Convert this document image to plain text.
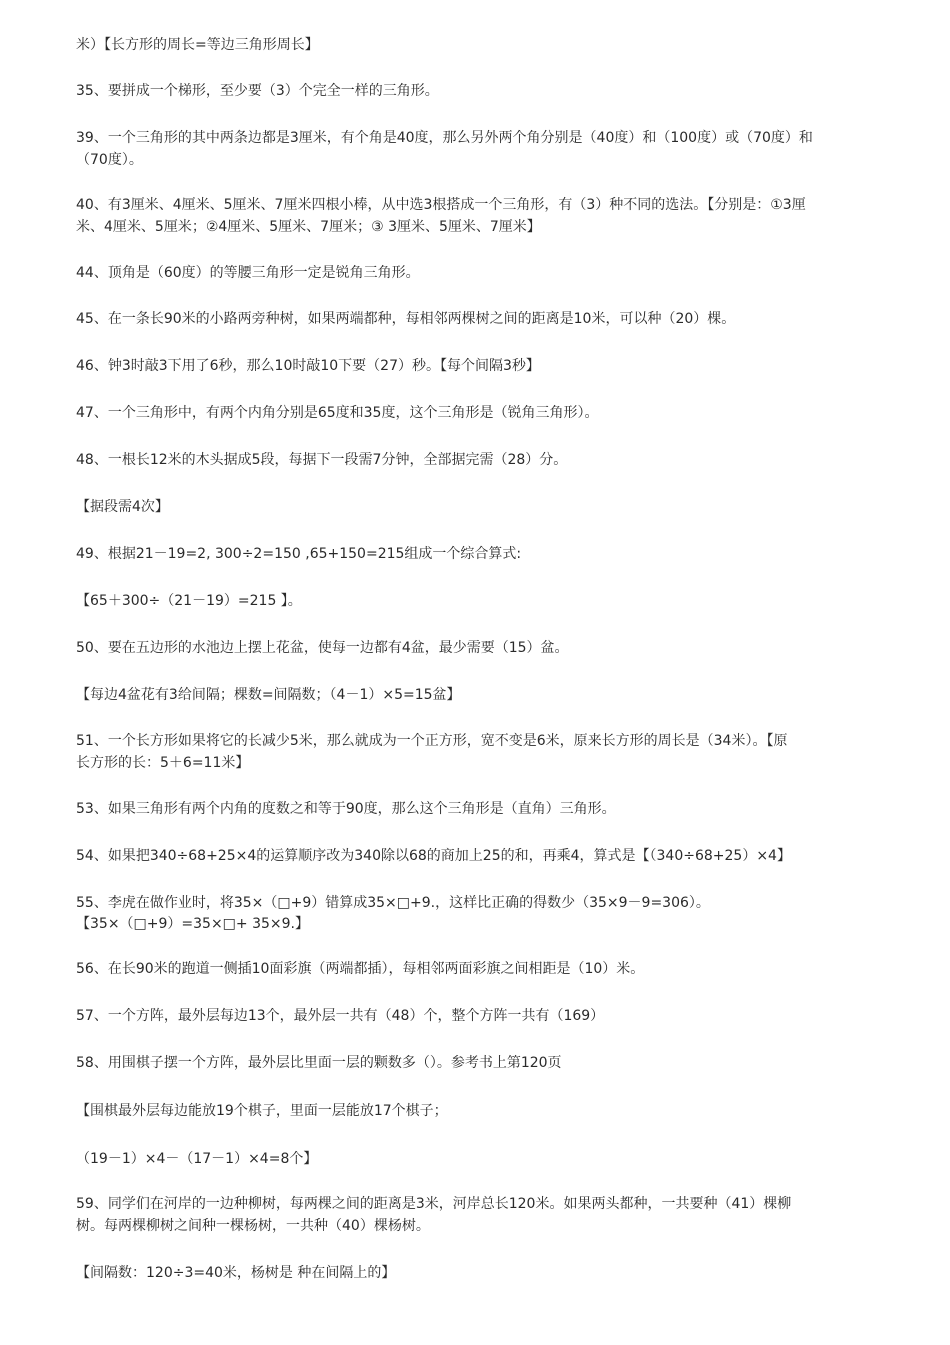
米）【长方形的周长=等边三角形周长】
35、要拼成一个梯形，至少要（3）个完全一样的三角形。
39、一个三角形的其中两条边都是3厘米，有个角是40度，那么另外两个角分别是（40度）和（100度）或（70度）和
（70度）。
40、有3厘米、4厘米、5厘米、7厘米四根小棒，从中选3根搭成一个三角形，有（3）种不同的选法。【分别是：①3厘
米、4厘米、5厘米；②4厘米、5厘米、7厘米；③ 3厘米、5厘米、7厘米】
44、顶角是（60度）的等腰三角形一定是锐角三角形。
45、在一条长90米的小路两旁种树，如果两端都种，每相邻两棵树之间的距离是10米，可以种（20）棵。
46、钟3时敲3下用了6秒，那么10时敲10下要（27）秒。【每个间隔3秒】
47、一个三角形中，有两个内角分别是65度和35度，这个三角形是（锐角三角形）。
48、一根长12米的木头据成5段，每据下一段需7分钟，全部据完需（28）分。
【据段需4次】
49、根据21－19=2, 300÷2=150 ,65+150=215组成一个综合算式:
【65＋300÷（21－19）=215 】。
50、要在五边形的水池边上摆上花盆，使每一边都有4盆，最少需要（15）盆。
【每边4盆花有3给间隔；棵数=间隔数；（4－1）×5=15盆】
51、一个长方形如果将它的长减少5米，那么就成为一个正方形，宽不变是6米，原来长方形的周长是（34米）。【原
长方形的长：5＋6=11米】
53、如果三角形有两个内角的度数之和等于90度，那么这个三角形是（直角）三角形。
54、如果把340÷68+25×4的运算顺序改为340除以68的商加上25的和，再乘4，算式是【（340÷68+25）×4】
55、李虎在做作业时，将35×（□+9）错算成35×□+9.，这样比正确的得数少（35×9－9=306）。
【35×（□+9）=35×□+ 35×9.】
56、在长90米的跑道一侧插10面彩旗（两端都插），每相邻两面彩旗之间相距是（10）米。
57、一个方阵，最外层每边13个，最外层一共有（48）个，整个方阵一共有（169）
58、用围棋子摆一个方阵，最外层比里面一层的颗数多（）。参考书上第120页
【围棋最外层每边能放19个棋子，里面一层能放17个棋子；
（19－1）×4－（17－1）×4=8个】
59、同学们在河岸的一边种柳树，每两棵之间的距离是3米，河岸总长120米。如果两头都种，一共要种（41）棵柳
树。每两棵柳树之间种一棵杨树，一共种（40）棵杨树。
【间隔数：120÷3=40米，杨树是 种在间隔上的】
